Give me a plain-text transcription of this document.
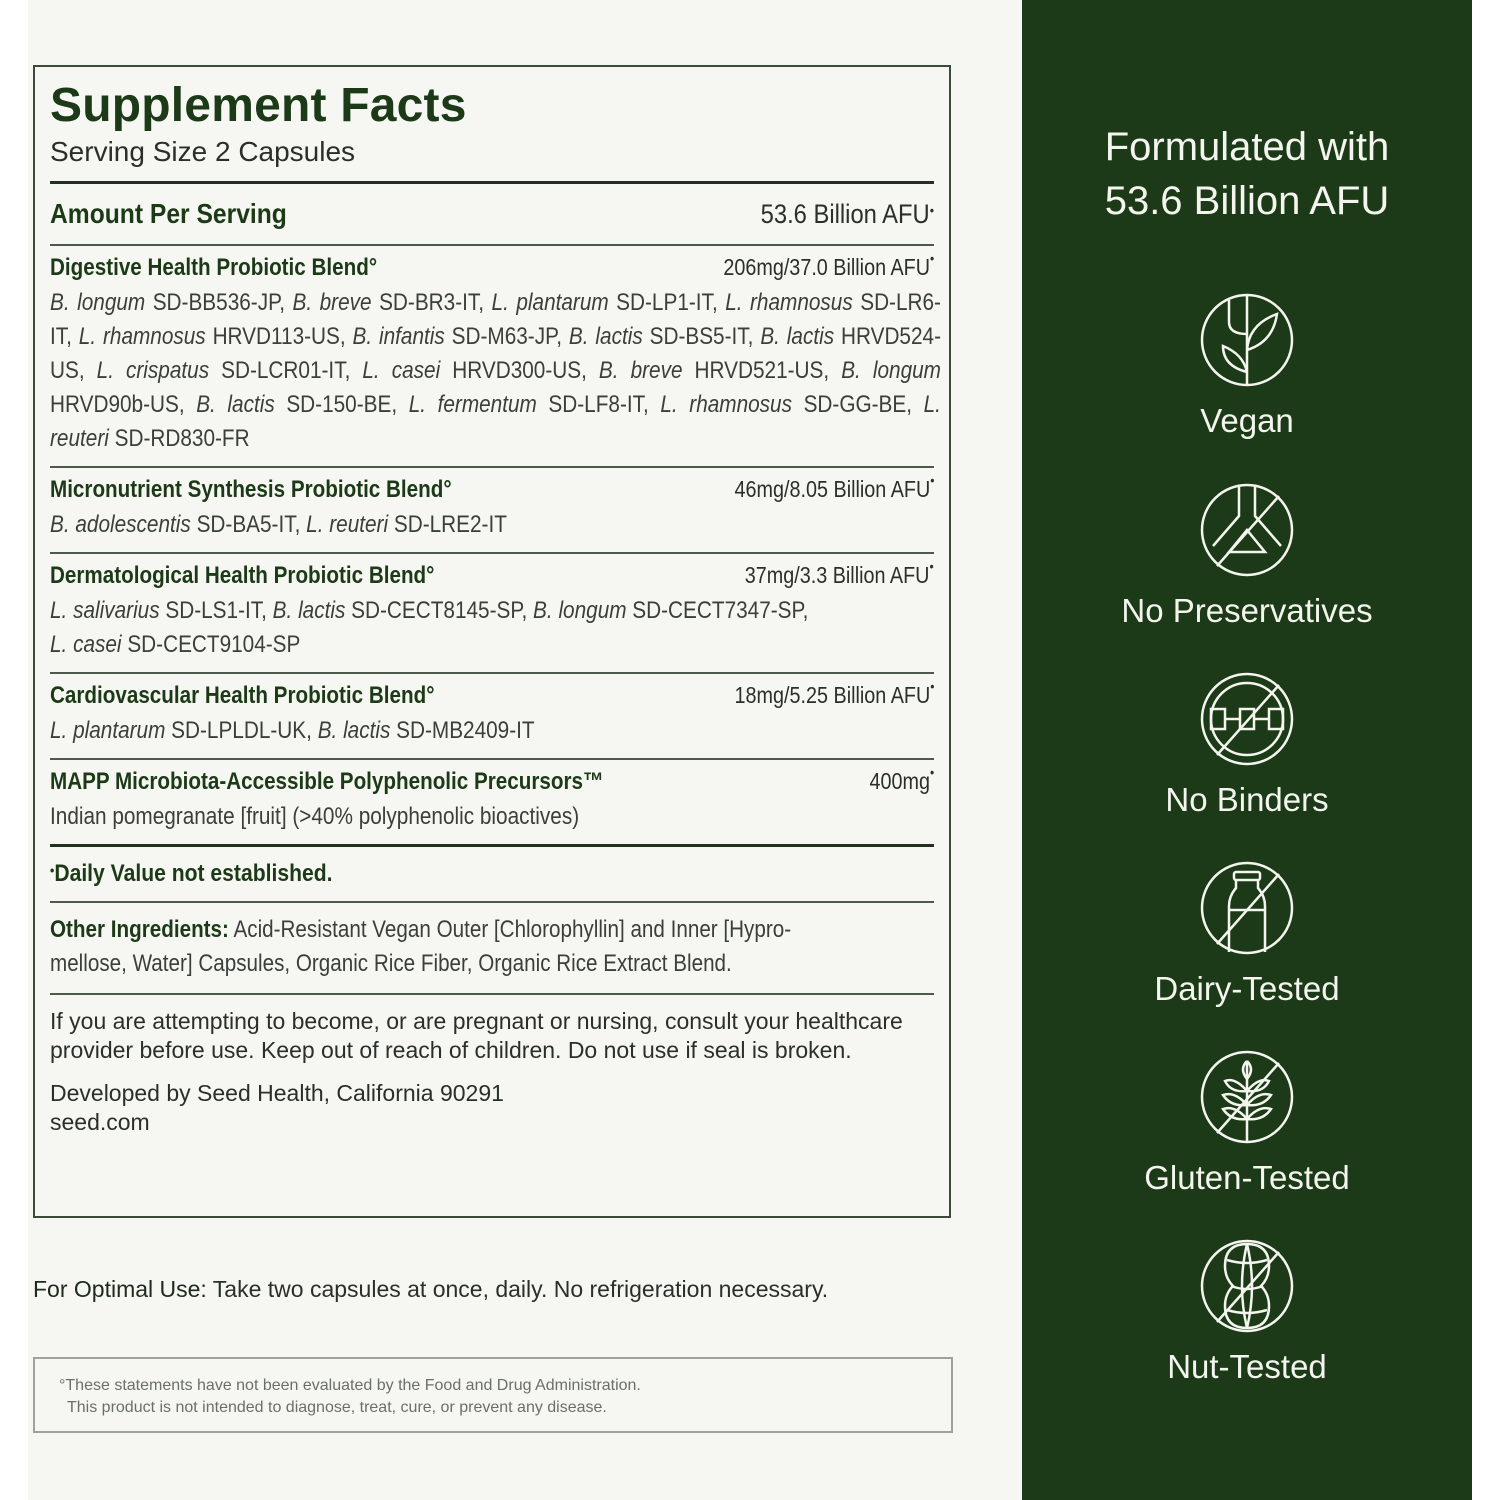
Supplement Facts
Serving Size 2 Capsules
Amount Per Serving	53.6 Billion AFU•
Digestive Health Probiotic Blend°	206mg/37.0 Billion AFU•
B. longum SD-BB536-JP, B. breve SD-BR3-IT, L. plantarum SD-LP1-IT, L. rhamnosus SD-LR6-IT, L. rhamnosus HRVD113-US, B. infantis SD-M63-JP, B. lactis SD-BS5-IT, B. lactis HRVD524-US, L. crispatus SD-LCR01-IT, L. casei HRVD300-US, B. breve HRVD521-US, B. longum HRVD90b-US, B. lactis SD-150-BE, L. fermentum SD-LF8-IT, L. rhamnosus SD-GG-BE, L. reuteri SD-RD830-FR
Micronutrient Synthesis Probiotic Blend°	46mg/8.05 Billion AFU•
B. adolescentis SD-BA5-IT, L. reuteri SD-LRE2-IT
Dermatological Health Probiotic Blend°	37mg/3.3 Billion AFU•
L. salivarius SD-LS1-IT, B. lactis SD-CECT8145-SP, B. longum SD-CECT7347-SP,
L. casei SD-CECT9104-SP
Cardiovascular Health Probiotic Blend°	18mg/5.25 Billion AFU•
L. plantarum SD-LPLDL-UK, B. lactis SD-MB2409-IT
MAPP Microbiota-Accessible Polyphenolic Precursors™	400mg•
Indian pomegranate [fruit] (>40% polyphenolic bioactives)
•Daily Value not established.
Other Ingredients: Acid-Resistant Vegan Outer [Chlorophyllin] and Inner [Hypro-mellose, Water] Capsules, Organic Rice Fiber, Organic Rice Extract Blend.
If you are attempting to become, or are pregnant or nursing, consult your healthcare provider before use. Keep out of reach of children. Do not use if seal is broken.
Developed by Seed Health, California 90291
seed.com
For Optimal Use: Take two capsules at once, daily. No refrigeration necessary.
°These statements have not been evaluated by the Food and Drug Administration.
This product is not intended to diagnose, treat, cure, or prevent any disease.
Formulated with
53.6 Billion AFU
Vegan
No Preservatives
No Binders
Dairy-Tested
Gluten-Tested
Nut-Tested
